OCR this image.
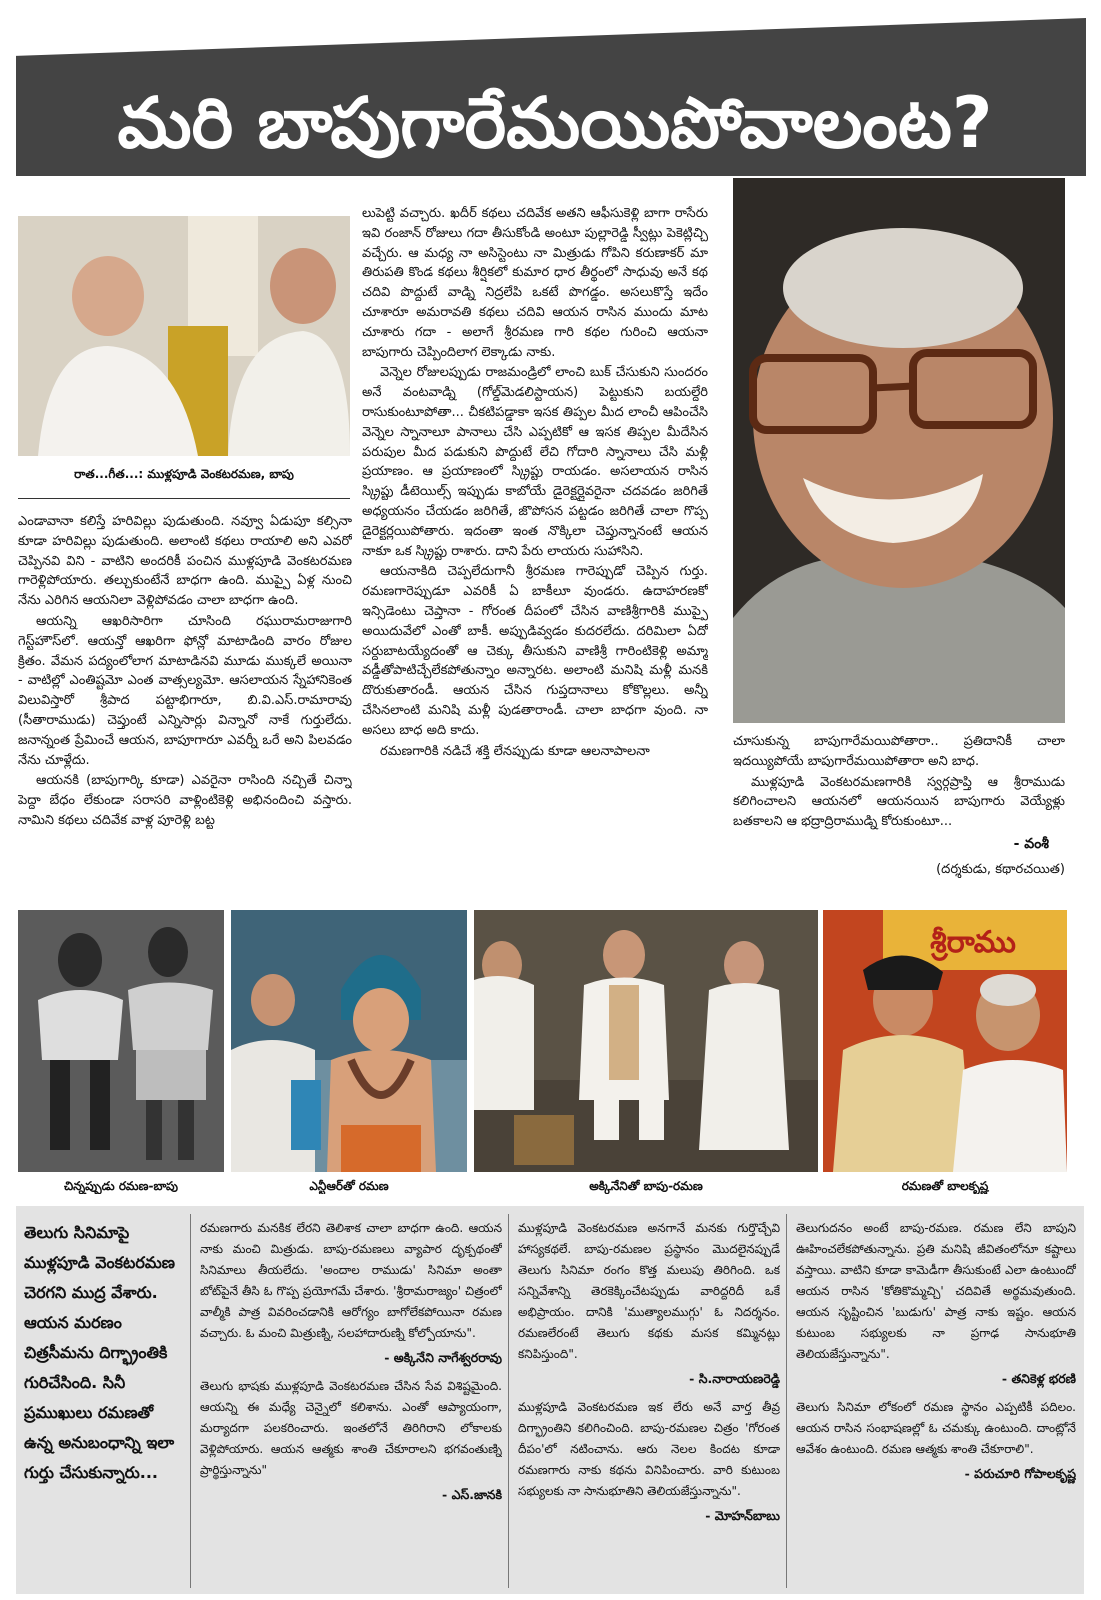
మరి బాపుగారేమయిపోవాలంట?
రాత...గీత...: ముళ్లపూడి వెంకటరమణ, బాపు

ఎండావానా కలిస్తే హరివిల్లు పుడుతుంది. నవ్వూ ఏడుపూ కల్సినా కూడా హరివిల్లు పుడుతుంది. అలాంటి కథలు రాయాలి అని ఎవరో చెప్పినవి విని - వాటిని అందరికీ పంచిన ముళ్లపూడి వెంకటరమణ గారెళ్లిపోయారు. తల్చుకుంటేనే బాధగా ఉంది. ముప్పై ఏళ్ల నుంచి నేను ఎరిగిన ఆయనిలా వెళ్లిపోవడం చాలా బాధగా ఉంది.

ఆయన్ని ఆఖరిసారిగా చూసింది రఘురామరాజుగారి గెస్ట్‌హౌస్‌లో. ఆయన్తో ఆఖరిగా ఫోన్లో మాటాడింది వారం రోజుల క్రితం. వేమన పద్యంలోలాగ మాటాడినవి మూడు ముక్కలే అయినా - వాటిల్లో ఎంతిష్టమో ఎంత వాత్సల్యమో. ఆసలాయన స్నేహానికెంత విలువిస్తారో శ్రీపాద పట్టాభిగారూ, బి.వి.ఎస్.రామారావు (సీతారాముడు) చెప్తుంటే ఎన్నిసార్లు విన్నానో నాకే గుర్తులేదు. జనాన్నంత ప్రేమించే ఆయన, బాపూగారూ ఎవర్నీ ఒరే అని పిలవడం నేను చూళ్లేదు.

ఆయనకి (బాపుగార్కి కూడా) ఎవరైనా రాసింది నచ్చితే చిన్నా పెద్దా బేధం లేకుండా సరాసరి వాళ్లింటికెళ్లి అభినందించి వస్తారు. నామిని కథలు చదివేక వాళ్ల పూరెళ్లి బట్ట

లుపెట్టి వచ్చారు. ఖదీర్ కథలు చదివేక అతని ఆఫీసుకెళ్లి బాగా రాసేరు ఇవి రంజాన్ రోజులు గదా తీసుకోండి అంటూ పుల్లారెడ్డి స్వీట్లు పెకెట్లిచ్చి వచ్చేరు. ఆ మధ్య నా అసిస్టెంటు నా మిత్రుడు గోపిని కరుణాకర్ మా తిరుపతి కొండ కథలు శీర్షికలో కుమార ధార తీర్థంలో సాధువు అనే కథ చదివి పొద్దుటే వాడ్ని నిద్రలేపి ఒకటే పొగడ్డం. అసలుకొస్తే ఇదేం చూశారూ అమరావతి కథలు చదివి ఆయన రాసిన ముందు మాట చూశారు గదా - అలాగే శ్రీరమణ గారి కథల గురించి ఆయనా బాపుగారు చెప్పిందిలాగ లెక్కాడు నాకు.

వెన్నెల రోజులప్పుడు రాజమండ్రిలో లాంచి బుక్ చేసుకుని సుందరం అనే వంటవాడ్ని (గోల్డ్‌మెడలిస్టాయన) పెట్టుకుని బయల్దేరి రాసుకుంటూపోతా... చీకటిపడ్డాకా ఇసక తిప్పల మీద లాంచీ ఆపించేసి వెన్నెల స్నానాలూ పానాలు చేసి ఎప్పటికో ఆ ఇసక తిప్పల మీదేసిన పరుపుల మీద పడుకుని పొద్దుటే లేచి గోదారి స్నానాలు చేసి మళ్లీ ప్రయాణం. ఆ ప్రయాణంలో స్క్రిప్టు రాయడం. అసలాయన రాసిన స్క్రిప్టు డీటెయిల్స్ ఇప్పుడు కాబోయే డైరెక్టర్లైవరైనా చదవడం జరిగితే అధ్యయనం చేయడం జరిగితే, జొపోసన పట్టడం జరిగితే చాలా గొప్ప డైరెక్టర్లయిపోతారు. ఇదంతా ఇంత నొక్కిలా చెప్తున్నానంటే ఆయన నాకూ ఒక స్క్రిప్టు రాశారు. దాని పేరు లాయరు సుహాసిని.

ఆయనాకిది చెప్పలేదుగానీ శ్రీరమణ గారెప్పుడో చెప్పిన గుర్తు. రమణగారెప్పుడూ ఎవరికీ ఏ బాకీలూ వుండరు. ఉదాహరణకో ఇన్సిడెంటు చెప్తానా - గోరంత దీపంలో చేసిన వాణిశ్రీగారికి ముప్పై అయిదువేలో ఎంతో బాకీ. అప్పుడివ్వడం కుదరలేదు. దరిమిలా ఏదో సర్దుబాటయ్యేదంతో ఆ చెక్కు తీసుకుని వాణిశ్రీ గారింటికెళ్లి అమ్మా వడ్డీతోపాటిచ్చేలేకపోతున్నాం అన్నారట. అలాంటి మనిషి మళ్లీ మనకి దొరుకుతారండీ. ఆయన చేసిన గుప్తదానాలు కోకొల్లలు. అన్నీ చేసినలాంటి మనిషి మళ్లీ పుడతారాండీ. చాలా బాధగా వుంది. నా అసలు బాధ అది కాదు.

రమణగారికి నడిచే శక్తి లేనప్పుడు కూడా ఆలనాపాలనా

చూసుకున్న బాపుగారేమయిపోతారా.. ప్రతిదానికీ చాలా ఇదయ్యిపోయే బాపుగారేమయిపోతారా అని బాధ.

ముళ్లపూడి వెంకటరమణగారికి స్వర్గప్రాప్తి ఆ శ్రీరాముడు కలిగించాలని ఆయనలో ఆయనయిన బాపుగారు వెయ్యేళ్లు బతకాలని ఆ భద్రాద్రిరాముడ్ని కోరుకుంటూ...

- వంశీ
(దర్శకుడు, కథారచయిత)
శ్రీరాము
చిన్నప్పుడు రమణ-బాపు	ఎన్టీఆర్‌తో రమణ	అక్కినేనితో బాపు-రమణ	రమణతో బాలకృష్ణ
తెలుగు సినిమాపై ముళ్లపూడి వెంకటరమణ చెరగని ముద్ర వేశారు. ఆయన మరణం చిత్రసీమను దిగ్భ్రాంతికి గురిచేసింది. సినీ ప్రముఖులు రమణతో ఉన్న అనుబంధాన్ని ఇలా గుర్తు చేసుకున్నారు...

రమణగారు మనకిక లేరని తెలిశాక చాలా బాధగా ఉంది. ఆయన నాకు మంచి మిత్రుడు. బాపు-రమణలు వ్యాపార దృక్పథంతో సినిమాలు తీయలేదు. 'అందాల రాముడు' సినిమా అంతా బోట్‌పైనే తీసి ఓ గొప్ప ప్రయోగమే చేశారు. 'శ్రీరామరాజ్యం' చిత్రంలో వాల్మీకి పాత్ర వివరించడానికి ఆరోగ్యం బాగోలేకపోయినా రమణ వచ్చారు. ఓ మంచి మిత్రుణ్ని, సలహాదారుణ్ని కోల్పోయాను".

- అక్కినేని నాగేశ్వరరావు

తెలుగు భాషకు ముళ్లపూడి వెంకటరమణ చేసిన సేవ విశిష్టమైంది. ఆయన్ని ఈ మధ్యే చెన్నైలో కలిశాను. ఎంతో ఆప్యాయంగా, మర్యాదగా పలకరించారు. ఇంతలోనే తిరిగిరాని లోకాలకు వెళ్లిపోయారు. ఆయన ఆత్మకు శాంతి చేకూరాలని భగవంతుణ్ని ప్రార్థిస్తున్నాను"

- ఎస్.జానకి

ముళ్లపూడి వెంకటరమణ అనగానే మనకు గుర్తొచ్చేవి హాస్యకథలే. బాపు-రమణల ప్రస్థానం మొదలైనప్పుడే తెలుగు సినిమా రంగం కొత్త మలుపు తిరిగింది. ఒక సన్నివేశాన్ని తెరకెక్కించేటప్పుడు వారిద్దరిదీ ఒకే అభిప్రాయం. దానికి 'ముత్యాలముగ్గు' ఓ నిదర్శనం. రమణలేరంటే తెలుగు కథకు మసక కమ్మినట్లు కనిపిస్తుంది".

- సి.నారాయణరెడ్డి

ముళ్లపూడి వెంకటరమణ ఇక లేరు అనే వార్త తీవ్ర దిగ్భ్రాంతిని కలిగించింది. బాపు-రమణల చిత్రం 'గోరంత దీపం'లో నటించాను. ఆరు నెలల కిందట కూడా రమణగారు నాకు కథను వినిపించారు. వారి కుటుంబ సభ్యులకు నా సానుభూతిని తెలియజేస్తున్నాను".

- మోహన్‌బాబు

తెలుగుదనం అంటే బాపు-రమణ. రమణ లేని బాపుని ఊహించలేకపోతున్నాను. ప్రతి మనిషి జీవితంలోనూ కష్టాలు వస్తాయి. వాటిని కూడా కామెడీగా తీసుకుంటే ఎలా ఉంటుందో ఆయన రాసిన 'కోతికొమ్మచ్చి' చదివితే అర్థమవుతుంది. ఆయన సృష్టించిన 'బుడుగు' పాత్ర నాకు ఇష్టం. ఆయన కుటుంబ సభ్యులకు నా ప్రగాఢ సానుభూతి తెలియజేస్తున్నాను".

- తనికెళ్ల భరణి

తెలుగు సినిమా లోకంలో రమణ స్థానం ఎప్పటికీ పదిలం. ఆయన రాసిన సంభాషణల్లో ఓ చమక్కు ఉంటుంది. దాంట్లోనే ఆవేశం ఉంటుంది. రమణ ఆత్మకు శాంతి చేకూరాలి".

- పరుచూరి గోపాలకృష్ణ
